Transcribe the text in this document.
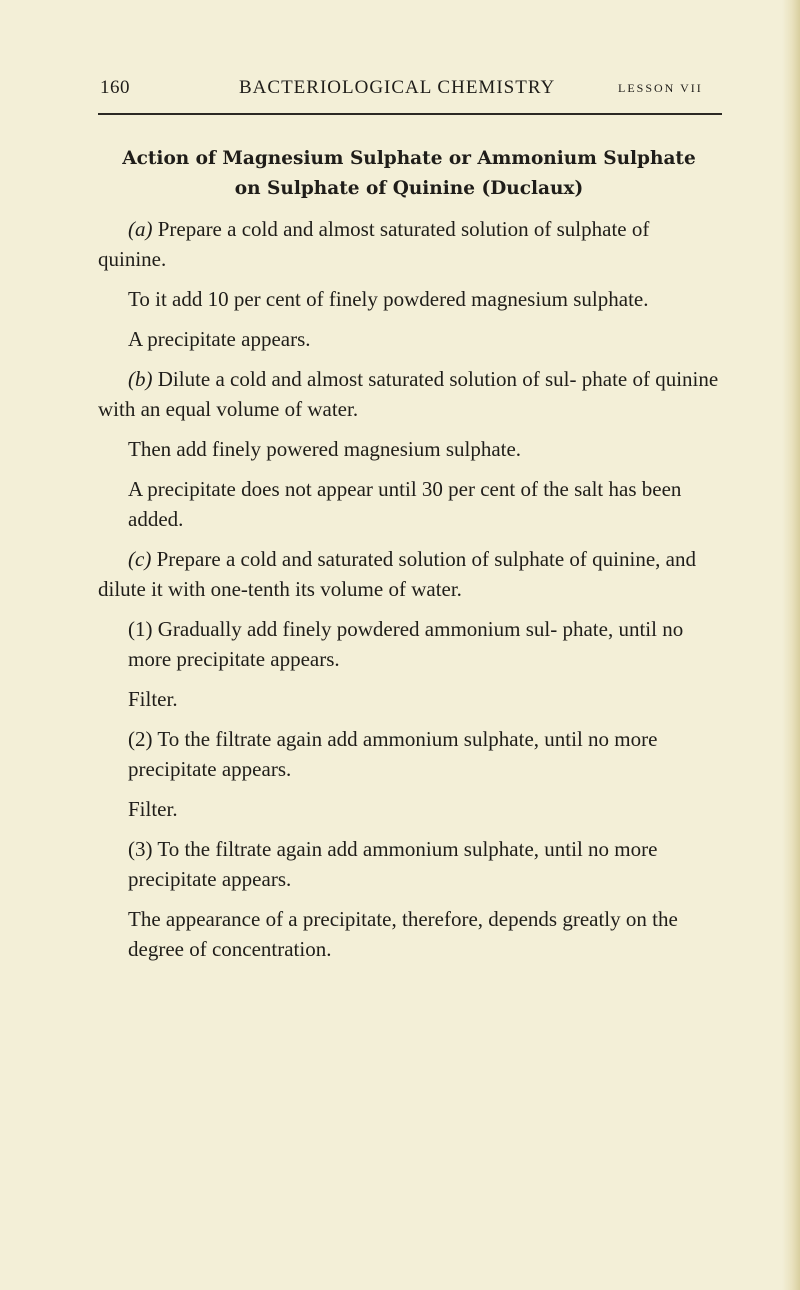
160	BACTERIOLOGICAL CHEMISTRY	LESSON VII
Action of Magnesium Sulphate or Ammonium Sulphate
on Sulphate of Quinine (Duclaux)

(a) Prepare a cold and almost saturated solution of sulphate of quinine.

To it add 10 per cent of finely powdered magnesium sulphate.

A precipitate appears.

(b) Dilute a cold and almost saturated solution of sul- phate of quinine with an equal volume of water.

Then add finely powered magnesium sulphate.

A precipitate does not appear until 30 per cent of the salt has been added.

(c) Prepare a cold and saturated solution of sulphate of quinine, and dilute it with one-tenth its volume of water.

(1) Gradually add finely powdered ammonium sul- phate, until no more precipitate appears.

Filter.

(2) To the filtrate again add ammonium sulphate, until no more precipitate appears.

Filter.

(3) To the filtrate again add ammonium sulphate, until no more precipitate appears.

The appearance of a precipitate, therefore, depends greatly on the degree of concentration.
